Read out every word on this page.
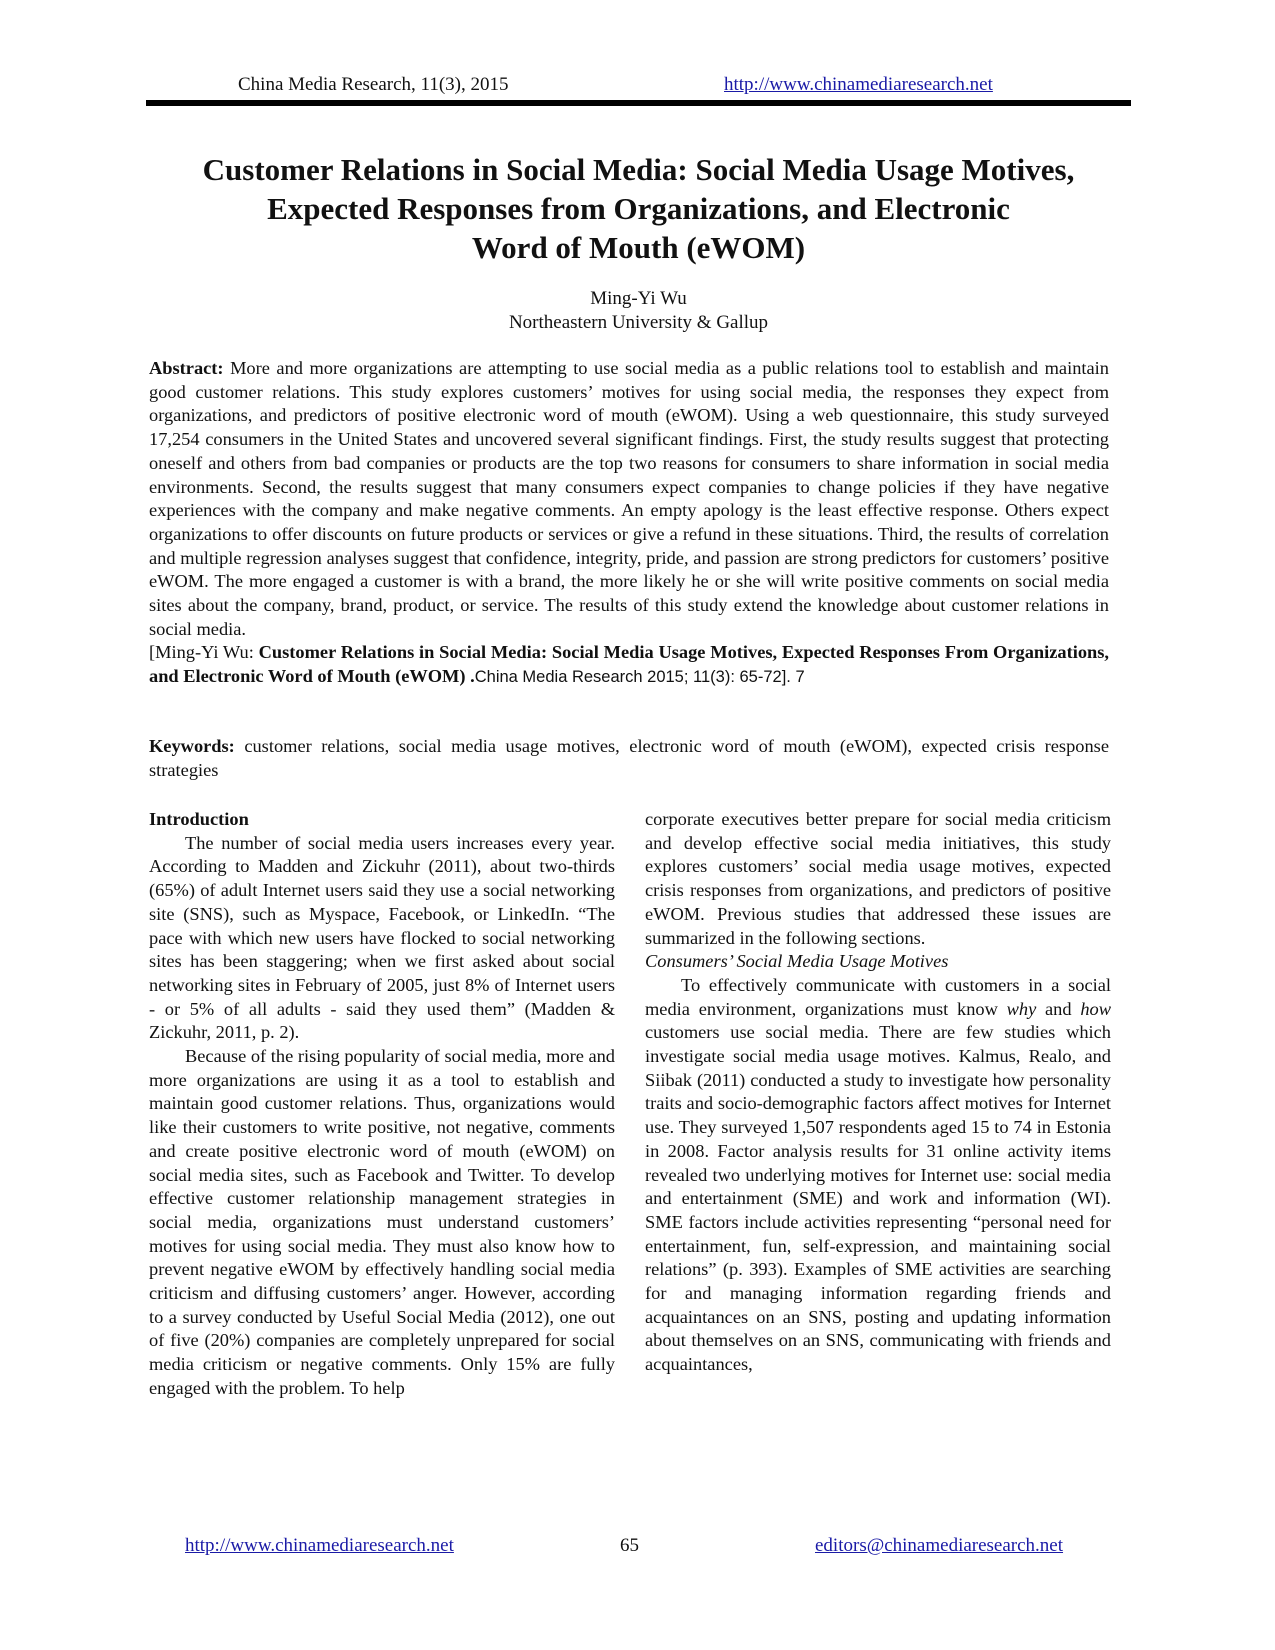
China Media Research, 11(3), 2015	http://www.chinamediaresearch.net
Customer Relations in Social Media: Social Media Usage Motives,
Expected Responses from Organizations, and Electronic
Word of Mouth (eWOM)
Ming-Yi Wu
Northeastern University & Gallup

Abstract: More and more organizations are attempting to use social media as a public relations tool to establish and maintain good customer relations. This study explores customers’ motives for using social media, the responses they expect from organizations, and predictors of positive electronic word of mouth (eWOM). Using a web questionnaire, this study surveyed 17,254 consumers in the United States and uncovered several significant findings. First, the study results suggest that protecting oneself and others from bad companies or products are the top two reasons for consumers to share information in social media environments. Second, the results suggest that many consumers expect companies to change policies if they have negative experiences with the company and make negative comments. An empty apology is the least effective response. Others expect organizations to offer discounts on future products or services or give a refund in these situations. Third, the results of correlation and multiple regression analyses suggest that confidence, integrity, pride, and passion are strong predictors for customers’ positive eWOM. The more engaged a customer is with a brand, the more likely he or she will write positive comments on social media sites about the company, brand, product, or service. The results of this study extend the knowledge about customer relations in social media.

[Ming-Yi Wu: Customer Relations in Social Media: Social Media Usage Motives, Expected Responses From Organizations, and Electronic Word of Mouth (eWOM) .China Media Research 2015; 11(3): 65-72]. 7

Keywords: customer relations, social media usage motives, electronic word of mouth (eWOM), expected crisis response strategies

Introduction

The number of social media users increases every year. According to Madden and Zickuhr (2011), about two-thirds (65%) of adult Internet users said they use a social networking site (SNS), such as Myspace, Facebook, or LinkedIn. “The pace with which new users have flocked to social networking sites has been staggering; when we first asked about social networking sites in February of 2005, just 8% of Internet users - or 5% of all adults - said they used them” (Madden & Zickuhr, 2011, p. 2).

Because of the rising popularity of social media, more and more organizations are using it as a tool to establish and maintain good customer relations. Thus, organizations would like their customers to write positive, not negative, comments and create positive electronic word of mouth (eWOM) on social media sites, such as Facebook and Twitter. To develop effective customer relationship management strategies in social media, organizations must understand customers’ motives for using social media. They must also know how to prevent negative eWOM by effectively handling social media criticism and diffusing customers’ anger. However, according to a survey conducted by Useful Social Media (2012), one out of five (20%) companies are completely unprepared for social media criticism or negative comments. Only 15% are fully engaged with the problem. To help

corporate executives better prepare for social media criticism and develop effective social media initiatives, this study explores customers’ social media usage motives, expected crisis responses from organizations, and predictors of positive eWOM. Previous studies that addressed these issues are summarized in the following sections.

Consumers’ Social Media Usage Motives

To effectively communicate with customers in a social media environment, organizations must know why and how customers use social media. There are few studies which investigate social media usage motives. Kalmus, Realo, and Siibak (2011) conducted a study to investigate how personality traits and socio-demographic factors affect motives for Internet use. They surveyed 1,507 respondents aged 15 to 74 in Estonia in 2008. Factor analysis results for 31 online activity items revealed two underlying motives for Internet use: social media and entertainment (SME) and work and information (WI). SME factors include activities representing “personal need for entertainment, fun, self-expression, and maintaining social relations” (p. 393). Examples of SME activities are searching for and managing information regarding friends and acquaintances on an SNS, posting and updating information about themselves on an SNS, communicating with friends and acquaintances,

http://www.chinamediaresearch.net	65	editors@chinamediaresearch.net
